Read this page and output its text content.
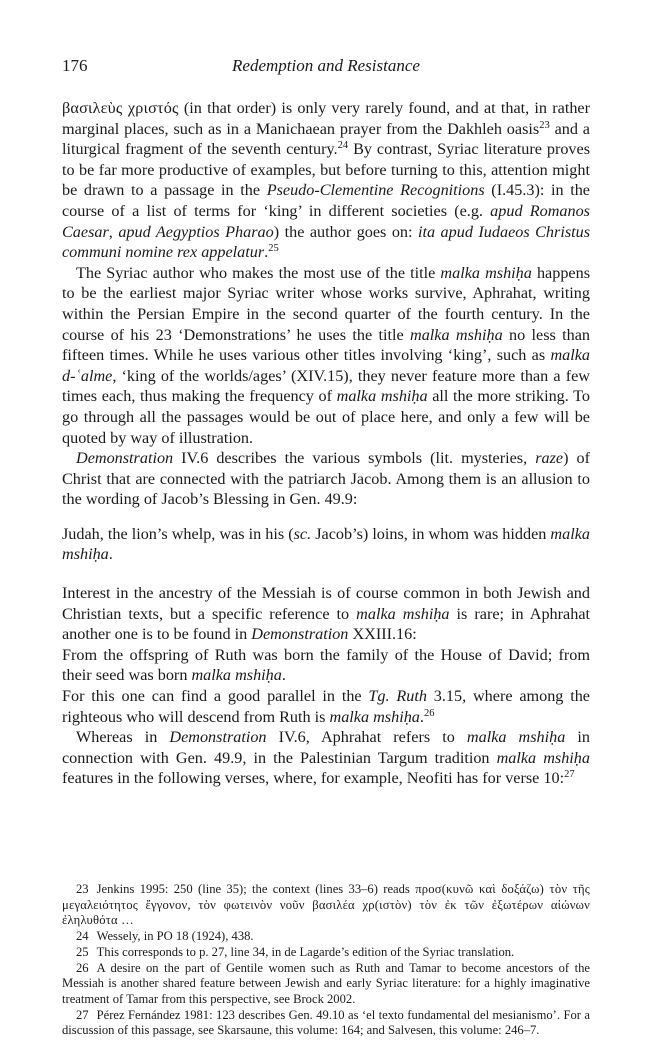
176	Redemption and Resistance

βασιλεὺς χριστός (in that order) is only very rarely found, and at that, in rather marginal places, such as in a Manichaean prayer from the Dakhleh oasis$^{23}$ and a liturgical fragment of the seventh century.$^{24}$ By contrast, Syriac literature proves to be far more productive of examples, but before turning to this, attention might be drawn to a passage in the Pseudo-Clementine Recognitions (I.45.3): in the course of a list of terms for ‘king’ in different societies (e.g. apud Romanos Caesar, apud Aegyptios Pharao) the author goes on: ita apud Iudaeos Christus communi nomine rex appelatur.$^{25}$

The Syriac author who makes the most use of the title malka mshiḥa happens to be the earliest major Syriac writer whose works survive, Aphrahat, writing within the Persian Empire in the second quarter of the fourth century. In the course of his 23 ‘Demonstrations’ he uses the title malka mshiḥa no less than fifteen times. While he uses various other titles involving ‘king’, such as malka d-ʿalme, ‘king of the worlds/ages’ (XIV.15), they never feature more than a few times each, thus making the frequency of malka mshiḥa all the more striking. To go through all the passages would be out of place here, and only a few will be quoted by way of illustration.

Demonstration IV.6 describes the various symbols (lit. mysteries, raze) of Christ that are connected with the patriarch Jacob. Among them is an allusion to the wording of Jacob’s Blessing in Gen. 49.9:

Judah, the lion’s whelp, was in his (sc. Jacob’s) loins, in whom was hidden malka mshiḥa.

Interest in the ancestry of the Messiah is of course common in both Jewish and Christian texts, but a specific reference to malka mshiḥa is rare; in Aphrahat another one is to be found in Demonstration XXIII.16:

From the offspring of Ruth was born the family of the House of David; from their seed was born malka mshiḥa.

For this one can find a good parallel in the Tg. Ruth 3.15, where among the righteous who will descend from Ruth is malka mshiḥa.$^{26}$

Whereas in Demonstration IV.6, Aphrahat refers to malka mshiḥa in connection with Gen. 49.9, in the Palestinian Targum tradition malka mshiḥa features in the following verses, where, for example, Neofiti has for verse 10:$^{27}$

23 Jenkins 1995: 250 (line 35); the context (lines 33–6) reads προσ(κυνῶ καὶ δοξάζω) τὸν τῆς μεγαλειότητος ἔγγονον, τὸν φωτεινὸν νοῦν βασιλέα χρ(ιστὸν) τὸν ἐκ τῶν ἐξωτέρων αἰώνων ἐληλυθότα …
24 Wessely, in PO 18 (1924), 438.
25 This corresponds to p. 27, line 34, in de Lagarde’s edition of the Syriac translation.
26 A desire on the part of Gentile women such as Ruth and Tamar to become ancestors of the Messiah is another shared feature between Jewish and early Syriac literature: for a highly imaginative treatment of Tamar from this perspective, see Brock 2002.
27 Pérez Fernández 1981: 123 describes Gen. 49.10 as ‘el texto fundamental del mesianismo’. For a discussion of this passage, see Skarsaune, this volume: 164; and Salvesen, this volume: 246–7.
